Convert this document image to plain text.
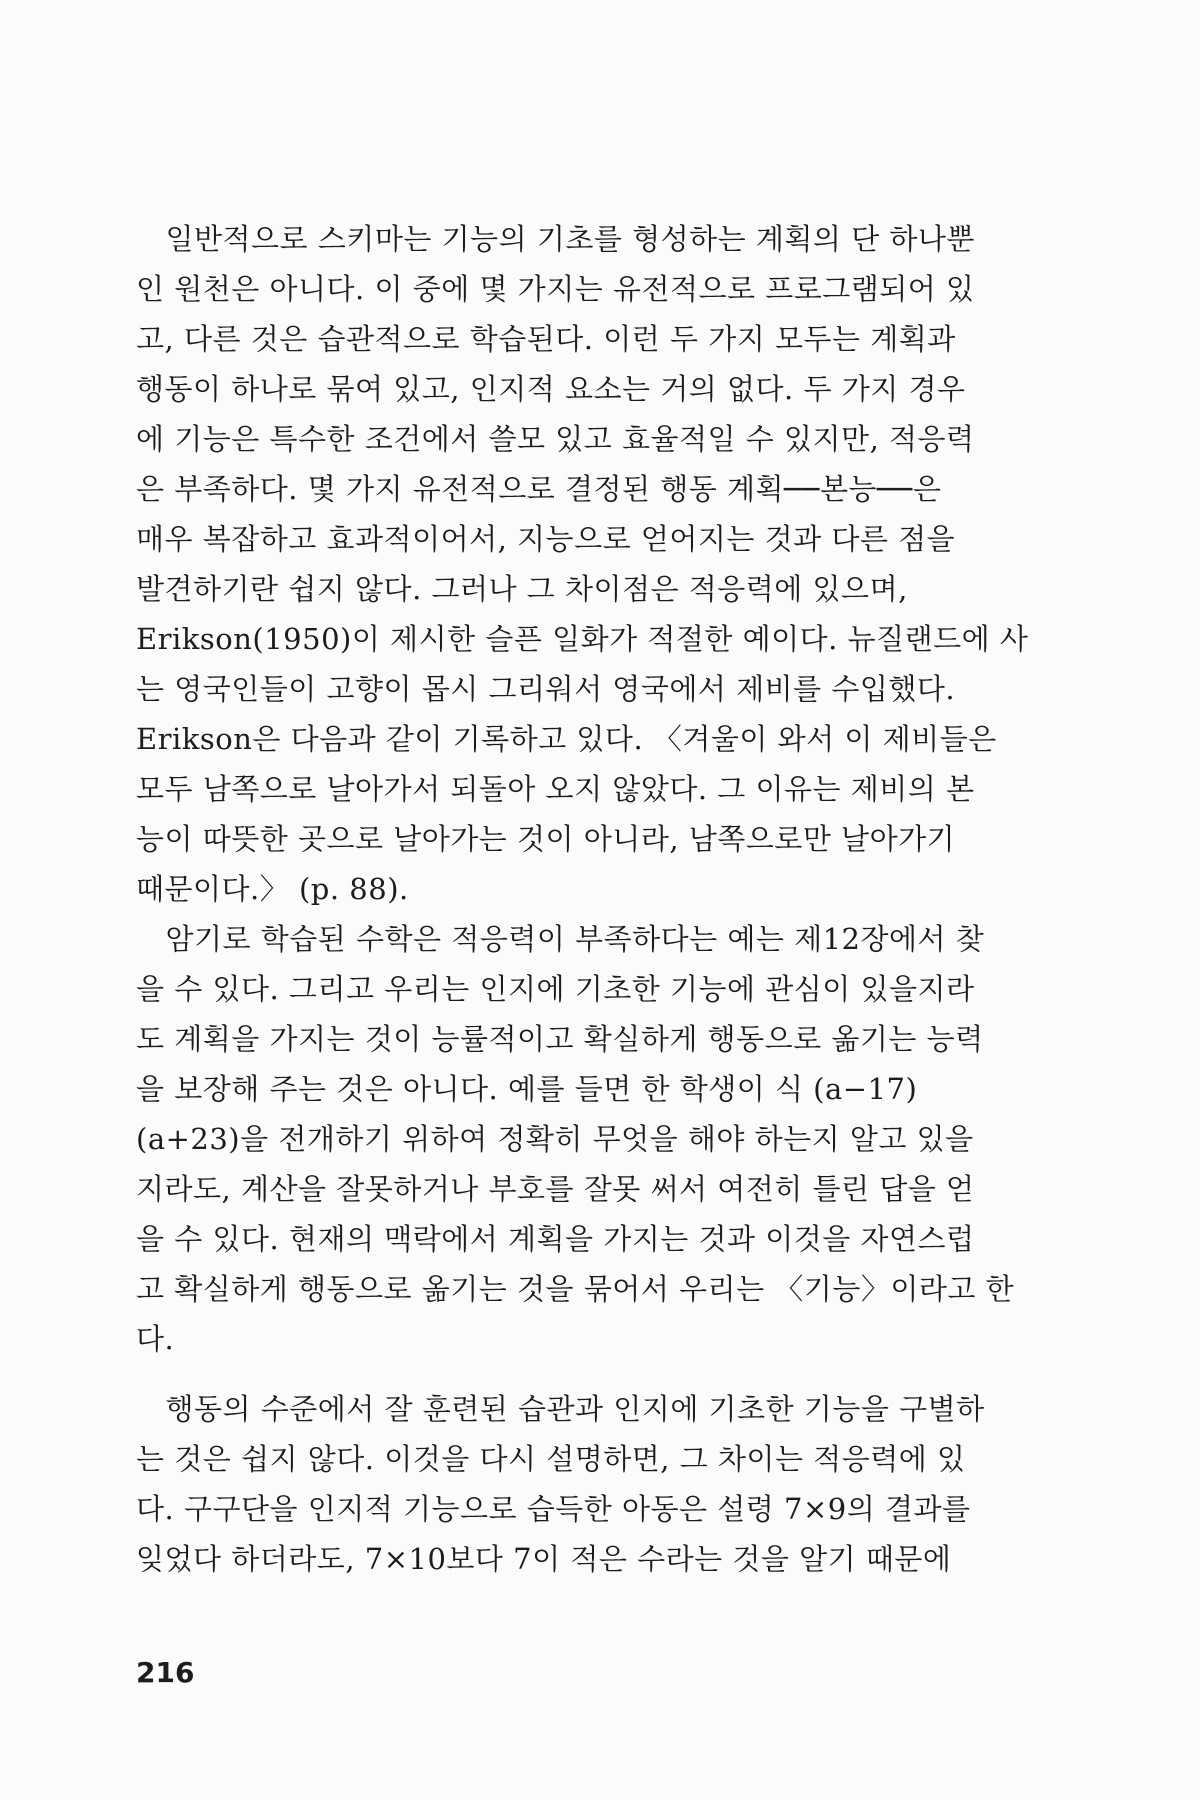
　일반적으로 스키마는 기능의 기초를 형성하는 계획의 단 하나뿐
인 원천은 아니다. 이 중에 몇 가지는 유전적으로 프로그램되어 있
고, 다른 것은 습관적으로 학습된다. 이런 두 가지 모두는 계획과
행동이 하나로 묶여 있고, 인지적 요소는 거의 없다. 두 가지 경우
에 기능은 특수한 조건에서 쓸모 있고 효율적일 수 있지만, 적응력
은 부족하다. 몇 가지 유전적으로 결정된 행동 계획──본능──은
매우 복잡하고 효과적이어서, 지능으로 얻어지는 것과 다른 점을
발견하기란 쉽지 않다. 그러나 그 차이점은 적응력에 있으며,
Erikson(1950)이 제시한 슬픈 일화가 적절한 예이다. 뉴질랜드에 사
는 영국인들이 고향이 몹시 그리워서 영국에서 제비를 수입했다.
Erikson은 다음과 같이 기록하고 있다. 〈겨울이 와서 이 제비들은
모두 남쪽으로 날아가서 되돌아 오지 않았다. 그 이유는 제비의 본
능이 따뜻한 곳으로 날아가는 것이 아니라, 남쪽으로만 날아가기
때문이다.〉 (p. 88).
　암기로 학습된 수학은 적응력이 부족하다는 예는 제12장에서 찾
을 수 있다. 그리고 우리는 인지에 기초한 기능에 관심이 있을지라
도 계획을 가지는 것이 능률적이고 확실하게 행동으로 옮기는 능력
을 보장해 주는 것은 아니다. 예를 들면 한 학생이 식 (a−17)
(a+23)을 전개하기 위하여 정확히 무엇을 해야 하는지 알고 있을
지라도, 계산을 잘못하거나 부호를 잘못 써서 여전히 틀린 답을 얻
을 수 있다. 현재의 맥락에서 계획을 가지는 것과 이것을 자연스럽
고 확실하게 행동으로 옮기는 것을 묶어서 우리는 〈기능〉이라고 한
다.
　행동의 수준에서 잘 훈련된 습관과 인지에 기초한 기능을 구별하
는 것은 쉽지 않다. 이것을 다시 설명하면, 그 차이는 적응력에 있
다. 구구단을 인지적 기능으로 습득한 아동은 설령 7×9의 결과를
잊었다 하더라도, 7×10보다 7이 적은 수라는 것을 알기 때문에
216
